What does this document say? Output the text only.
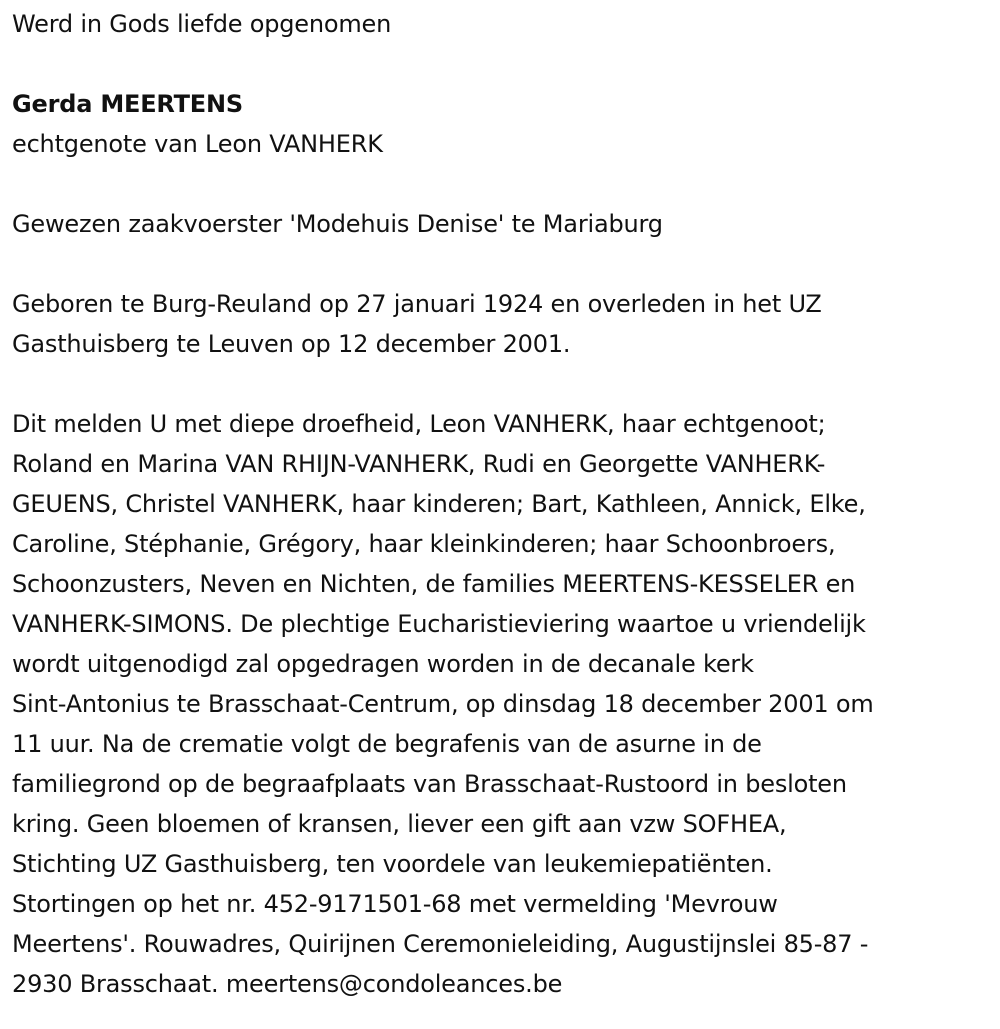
Werd in Gods liefde opgenomen

Gerda MEERTENS

echtgenote van Leon VANHERK

Gewezen zaakvoerster 'Modehuis Denise' te Mariaburg

Geboren te Burg-Reuland op 27 januari 1924 en overleden in het UZ

Gasthuisberg te Leuven op 12 december 2001.

Dit melden U met diepe droefheid, Leon VANHERK, haar echtgenoot;

Roland en Marina VAN RHIJN-VANHERK, Rudi en Georgette VANHERK-

GEUENS, Christel VANHERK, haar kinderen; Bart, Kathleen, Annick, Elke,

Caroline, Stéphanie, Grégory, haar kleinkinderen; haar Schoonbroers,

Schoonzusters, Neven en Nichten, de families MEERTENS-KESSELER en

VANHERK-SIMONS. De plechtige Eucharistieviering waartoe u vriendelijk

wordt uitgenodigd zal opgedragen worden in de decanale kerk

Sint-Antonius te Brasschaat-Centrum, op dinsdag 18 december 2001 om

11 uur. Na de crematie volgt de begrafenis van de asurne in de

familiegrond op de begraafplaats van Brasschaat-Rustoord in besloten

kring. Geen bloemen of kransen, liever een gift aan vzw SOFHEA,

Stichting UZ Gasthuisberg, ten voordele van leukemiepatiënten.

Stortingen op het nr. 452-9171501-68 met vermelding 'Mevrouw

Meertens'. Rouwadres, Quirijnen Ceremonieleiding, Augustijnslei 85-87 -

2930 Brasschaat. meertens@condoleances.be
